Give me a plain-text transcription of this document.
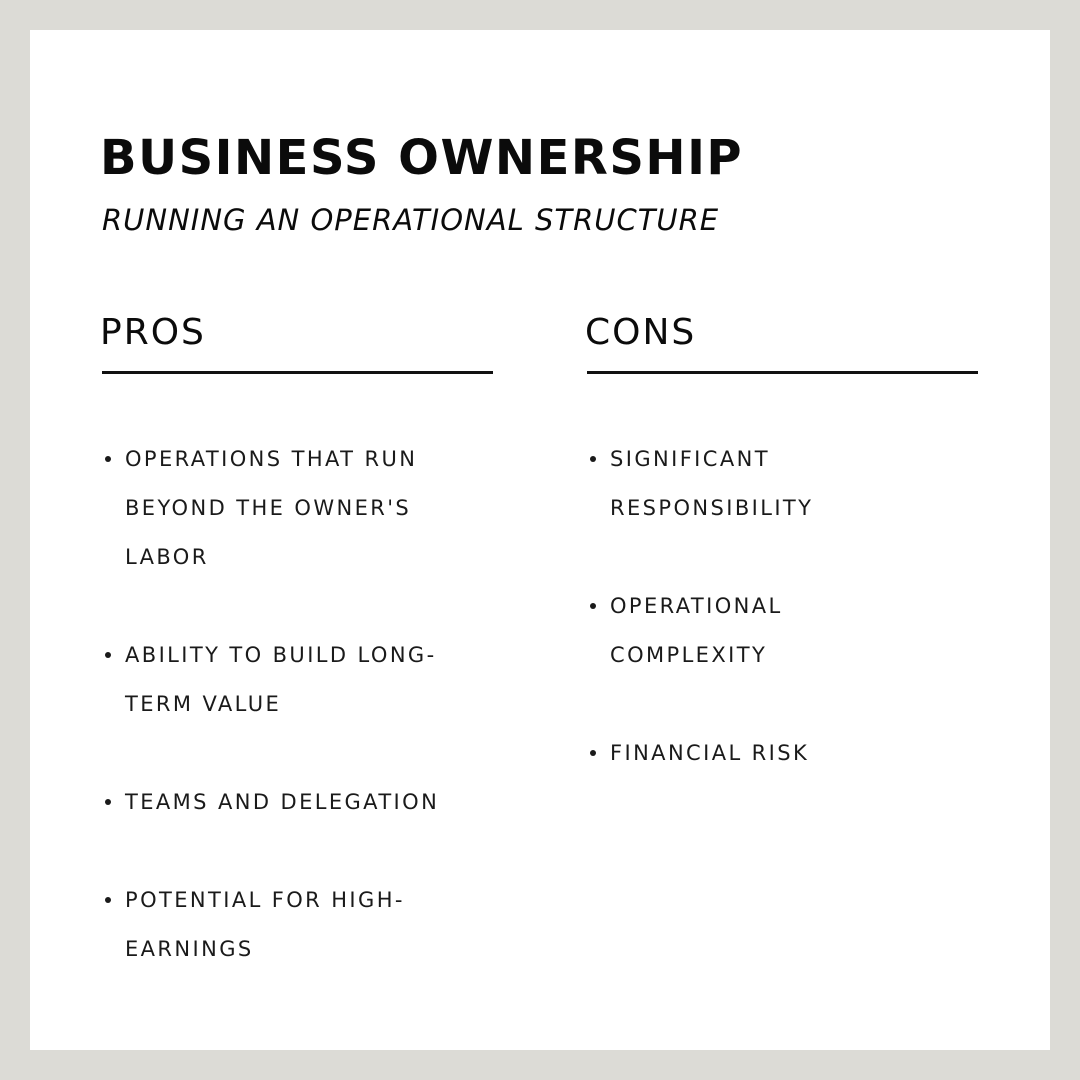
BUSINESS OWNERSHIP
RUNNING AN OPERATIONAL STRUCTURE
PROS
OPERATIONS THAT RUN BEYOND THE OWNER'S LABOR
ABILITY TO BUILD LONG-TERM VALUE
TEAMS AND DELEGATION
POTENTIAL FOR HIGH-EARNINGS
CONS
SIGNIFICANT RESPONSIBILITY
OPERATIONAL COMPLEXITY
FINANCIAL RISK
